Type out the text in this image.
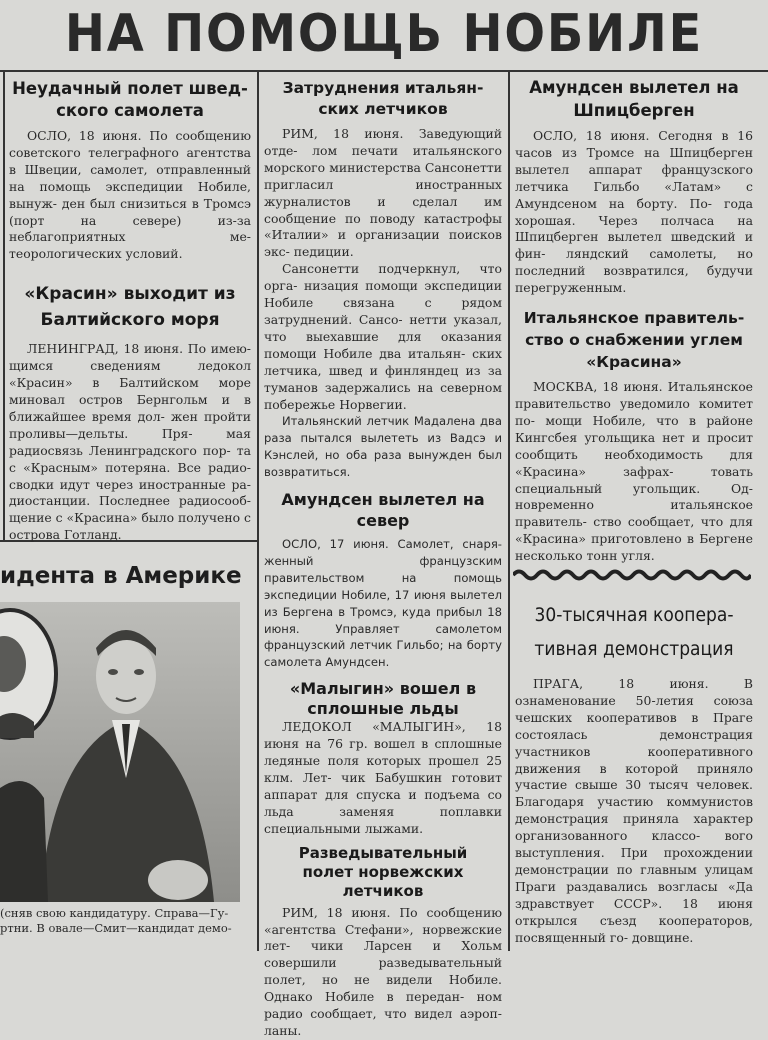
НА ПОМОЩЬ НОБИЛЕ
Неудачный полет швед-
ского самолета
ОСЛО, 18 июня. По сообщению советского телеграфного агентства в Швеции, самолет, отправленный на помощь экспедиции Нобиле, вынуж- ден был снизиться в Тромсэ (порт на	севере) из-за неблагоприятных ме- теорологических условий.
«Красин» выходит из
Балтийского моря
ЛЕНИНГРАД, 18 июня. По имею- щимся сведениям ледокол «Красин» в Балтийском море миновал остров Бернгольм и в ближайшее время дол- жен пройти проливы—дельты. Пря-	мая радиосвязь Ленинградского пор- та с «Красным» потеряна. Все радио- сводки идут через иностранные ра- диостанции. Последнее радиосооб- щение с «Красина» было получено с острова Готланд.
Затруднения итальян-
ских летчиков
РИМ, 18 июня. Заведующий отде- лом печати итальянского морского министерства Сансонетти пригласил	иностранных журналистов и сделал им сообщение по поводу катастрофы «Италии» и организации поисков экс- педиции.
Сансонетти подчеркнул, что орга- низация помощи экспедиции Нобиле связана с рядом затруднений. Сансо- нетти указал, что выехавшие для оказания помощи Нобиле два итальян- ских летчика, швед и финляндец из за туманов задержались на северном побережье Норвегии.
Итальянский летчик Мадалена два раза пытался вылететь из Вадсэ и Кэнслей, но оба раза вынужден был возвратиться.
Амундсен вылетел на
север
ОСЛО, 17 июня. Самолет, снаря- женный французским правительством	на помощь экспедиции Нобиле, 17 июня вылетел из Бергена в Тромсэ, куда прибыл 18 июня. Управляет	самолетом французский летчик Гильбо; на борту самолета Амундсен.
«Малыгин» вошел в
сплошные льды
ЛЕДОКОЛ «МАЛЫГИН», 18 июня на 76 гр. вошел в сплошные ледяные поля которых прошел 25 клм. Лет- чик Бабушкин готовит аппарат для спуска и подъема со льда заменяя	поплавки специальными лыжами.
Разведывательный
полет норвежских
летчиков
РИМ, 18 июня. По сообщению «агентства Стефани», норвежские лет- чики Ларсен и Хольм совершили	разведывательный полет, но не видели Нобиле. Однако Нобиле в передан- ном радио сообщает, что видел аэроп- ланы.
Амундсен вылетел на
Шпицберген
ОСЛО, 18 июня. Сегодня в 16 часов из Тромсе на Шпицберген вылетел аппарат французского летчика Гильбо «Латам» с Амундсеном на борту. По- года хорошая. Через полчаса на Шпицберген вылетел шведский и фин- ляндский самолеты, но последний возвратился, будучи перегруженным.
Итальянское правитель-
ство о снабжении углем
«Красина»
МОСКВА, 18 июня. Итальянское правительство уведомило комитет по- мощи Нобиле, что в районе Кингсбея угольщика нет и просит сообщить необходимость для «Красина» зафрах-	товать специальный угольщик. Од- новременно итальянское правитель- ство сообщает, что для «Красина» приготовлено в Бергене несколько тонн угля.
30-тысячная коопера-
тивная демонстрация
ПРАГА, 18 июня. В ознаменование 50-летия союза чешских кооперативов в Праге состоялась демонстрация участников кооперативного движения в которой приняло участие свыше 30 тысяч человек. Благодаря участию коммунистов демонстрация приняла характер организованного классо- вого выступления. При прохождении демонстрации по главным улицам Праги раздавались возгласы «Да здравствует СССР». 18 июня открылся съезд кооператоров, посвященный го- довщине.
идента в Америке
(сняв свою кандидатуру. Справа—Гу-
ртни. В овале—Смит—кандидат демо-
